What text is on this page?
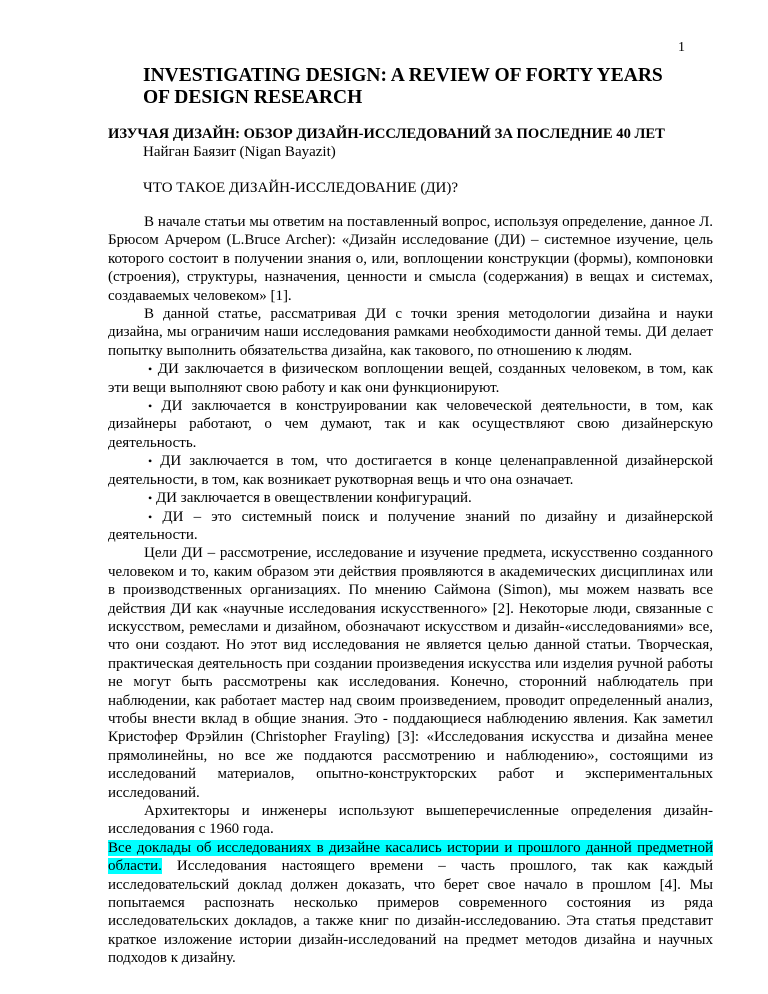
1
INVESTIGATING DESIGN: A REVIEW OF FORTY YEARS
OF DESIGN RESEARCH
ИЗУЧАЯ ДИЗАЙН: ОБЗОР ДИЗАЙН-ИССЛЕДОВАНИЙ ЗА ПОСЛЕДНИЕ 40 ЛЕТ
Найган Баязит (Nigan Bayazit)
ЧТО ТАКОЕ ДИЗАЙН-ИССЛЕДОВАНИЕ (ДИ)?

В начале статьи мы ответим на поставленный вопрос, используя определение, данное Л. Брюсом Арчером (L.Bruce Archer): «Дизайн исследование (ДИ) – системное изучение, цель которого состоит в получении знания о, или, воплощении конструкции (формы), компоновки (строения), структуры, назначения, ценности и смысла (содержания) в вещах и системах, создаваемых человеком» [1].

В данной статье, рассматривая ДИ с точки зрения методологии дизайна и науки дизайна, мы ограничим наши исследования рамками необходимости данной темы. ДИ делает попытку выполнить обязательства дизайна, как такового, по отношению к людям.

• ДИ заключается в физическом воплощении вещей, созданных человеком, в том, как эти вещи выполняют свою работу и как они функционируют.

• ДИ заключается в конструировании как человеческой деятельности, в том, как дизайнеры работают, о чем думают, так и как осуществляют свою дизайнерскую деятельность.

• ДИ заключается в том, что достигается в конце целенаправленной дизайнерской деятельности, в том, как возникает рукотворная вещь и что она означает.

• ДИ заключается в овеществлении конфигураций.

• ДИ – это системный поиск и получение знаний по дизайну и дизайнерской деятельности.

Цели ДИ – рассмотрение, исследование и изучение предмета, искусственно созданного человеком и то, каким образом эти действия проявляются в академических дисциплинах или в производственных организациях. По мнению Саймона (Simon), мы можем назвать все действия ДИ как «научные исследования искусственного» [2]. Некоторые люди, связанные с искусством, ремеслами и дизайном, обозначают искусством и дизайн-«исследованиями» все, что они создают. Но этот вид исследования не является целью данной статьи. Творческая, практическая деятельность при создании произведения искусства или изделия ручной работы не могут быть рассмотрены как исследования. Конечно, сторонний наблюдатель при наблюдении, как работает мастер над своим произведением, проводит определенный анализ, чтобы внести вклад в общие знания. Это - поддающиеся наблюдению явления. Как заметил Кристофер Фрэйлин (Christopher Frayling) [3]: «Исследования искусства и дизайна менее прямолинейны, но все же поддаются рассмотрению и наблюдению», состоящими из исследований материалов, опытно-конструкторских работ и экспериментальных исследований.

Архитекторы и инженеры используют вышеперечисленные определения дизайн-исследования с 1960 года.

Все доклады об исследованиях в дизайне касались истории и прошлого данной предметной области. Исследования настоящего времени – часть прошлого, так как каждый исследовательский доклад должен доказать, что берет свое начало в прошлом [4]. Мы попытаемся распознать несколько примеров современного состояния из ряда исследовательских докладов, а также книг по дизайн-исследованию. Эта статья представит краткое изложение истории дизайн-исследований на предмет методов дизайна и научных подходов к дизайну.
